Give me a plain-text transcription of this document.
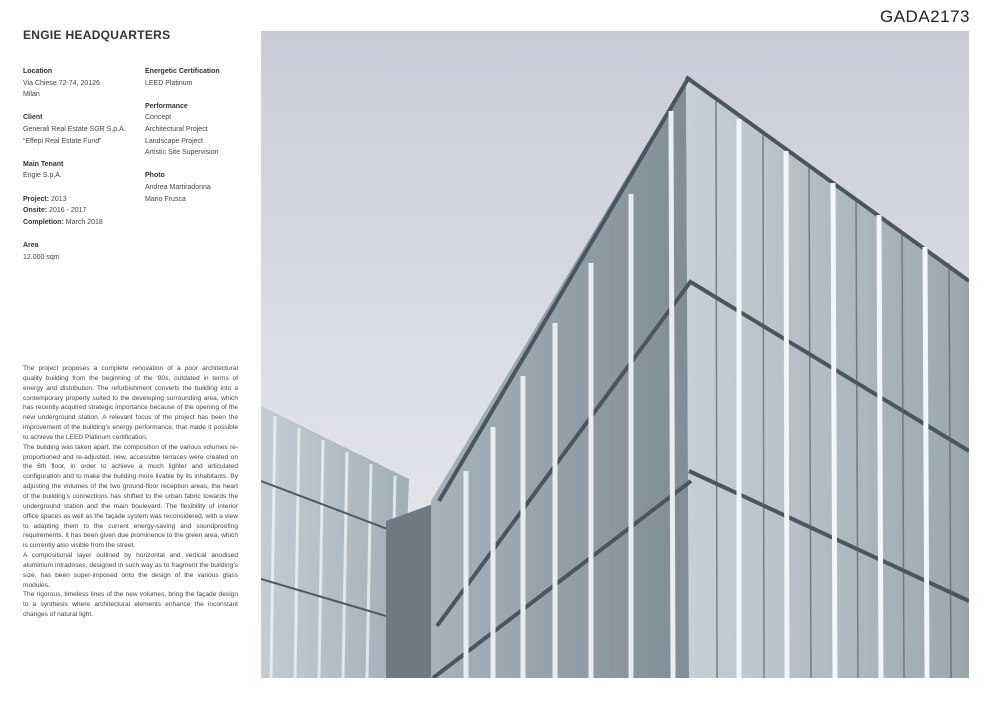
GADA2173
ENGIE HEADQUARTERS

Location

Via Chiese 72-74, 20126

Milan

Client

Generali Real Estate SGR S.p.A.

“Effepi Real Estate Fund”

Main Tenant

Engie S.p.A.

Project: 2013

Onsite: 2016 - 2017

Completion: March 2018

Area

12.000 sqm

Energetic Certification

LEED Platinum

Performance

Concept

Architectural Project

Landscape Project

Artistic Site Supervision

Photo

Andrea Martiradonna

Mario Frusca

The project proposes a complete renovation of a poor architectural quality building from the beginning of the ‘80s, outdated in terms of energy and distribution. The refurbishment converts the building into a contemporary property suited to the developing surrounding area, which has recently acquired strategic importance because of the opening of the new underground station. A relevant focus of the project has been the improvement of the building’s energy performance, that made it possible to achieve the LEED Platinum certification.

The building was taken apart, the composition of the various volumes re-proportioned and re-adjusted, new, accessible terraces were created on the 6th floor, in order to achieve a much lighter and articulated configuration and to make the building more livable by its inhabitants. By adjusting the volumes of the two ground-floor reception areas, the heart of the building’s connections has shifted to the urban fabric towards the underground station and the main boulevard. The flexibility of interior office spaces as well as the façade system was reconsidered, with a view to adapting them to the current energy-saving and soundproofing requirements. It has been given due prominence to the green area, which is currently also visible from the street.

A compositional layer outlined by horizontal and vertical anodised aluminium intradoses, designed in such way as to fragment the building’s size, has been super-imposed onto the design of the various glass modules.

The rigorous, timeless lines of the new volumes, bring the façade design to a synthesis where architectural elements enhance the inconstant changes of natural light.
